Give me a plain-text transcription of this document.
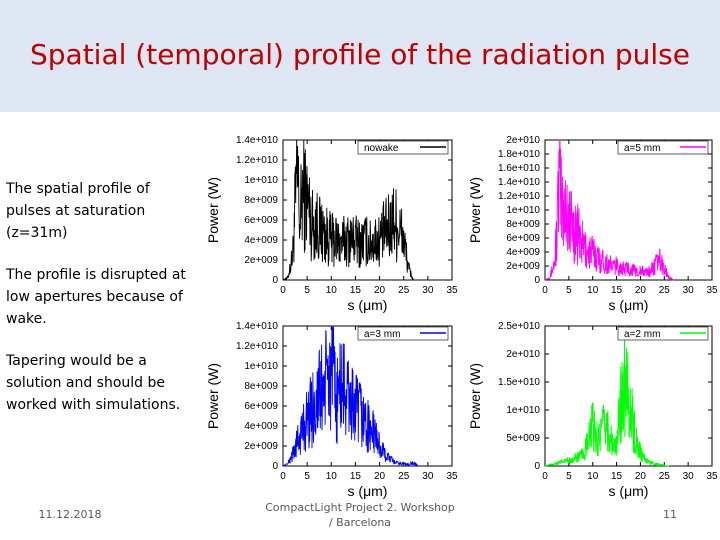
Spatial (temporal) profile of the radiation pulse

The spatial profile of pulses at saturation (z=31m)

The profile is disrupted at low apertures because of wake.

Tapering would be a solution and should be worked with simulations.

0
2e+009
4e+009
6e+009
8e+009
1e+010
1.2e+010
1.4e+010
0 5 10 15 20 25 30 35
s (μm)
Power (W)
nowake
0
2e+009
4e+009
6e+009
8e+009
1e+010
1.2e+010
1.4e+010
1.6e+010
1.8e+010
2e+010
0 5 10 15 20 25 30 35
s (μm)
Power (W)
a=5 mm
0
2e+009
4e+009
6e+009
8e+009
1e+010
1.2e+010
1.4e+010
0 5 10 15 20 25 30 35
s (μm)
Power (W)
a=3 mm
0
5e+009
1e+010
1.5e+010
2e+010
2.5e+010
0 5 10 15 20 25 30 35
s (μm)
Power (W)
a=2 mm
11.12.2018
CompactLight Project 2. Workshop / Barcelona
11
